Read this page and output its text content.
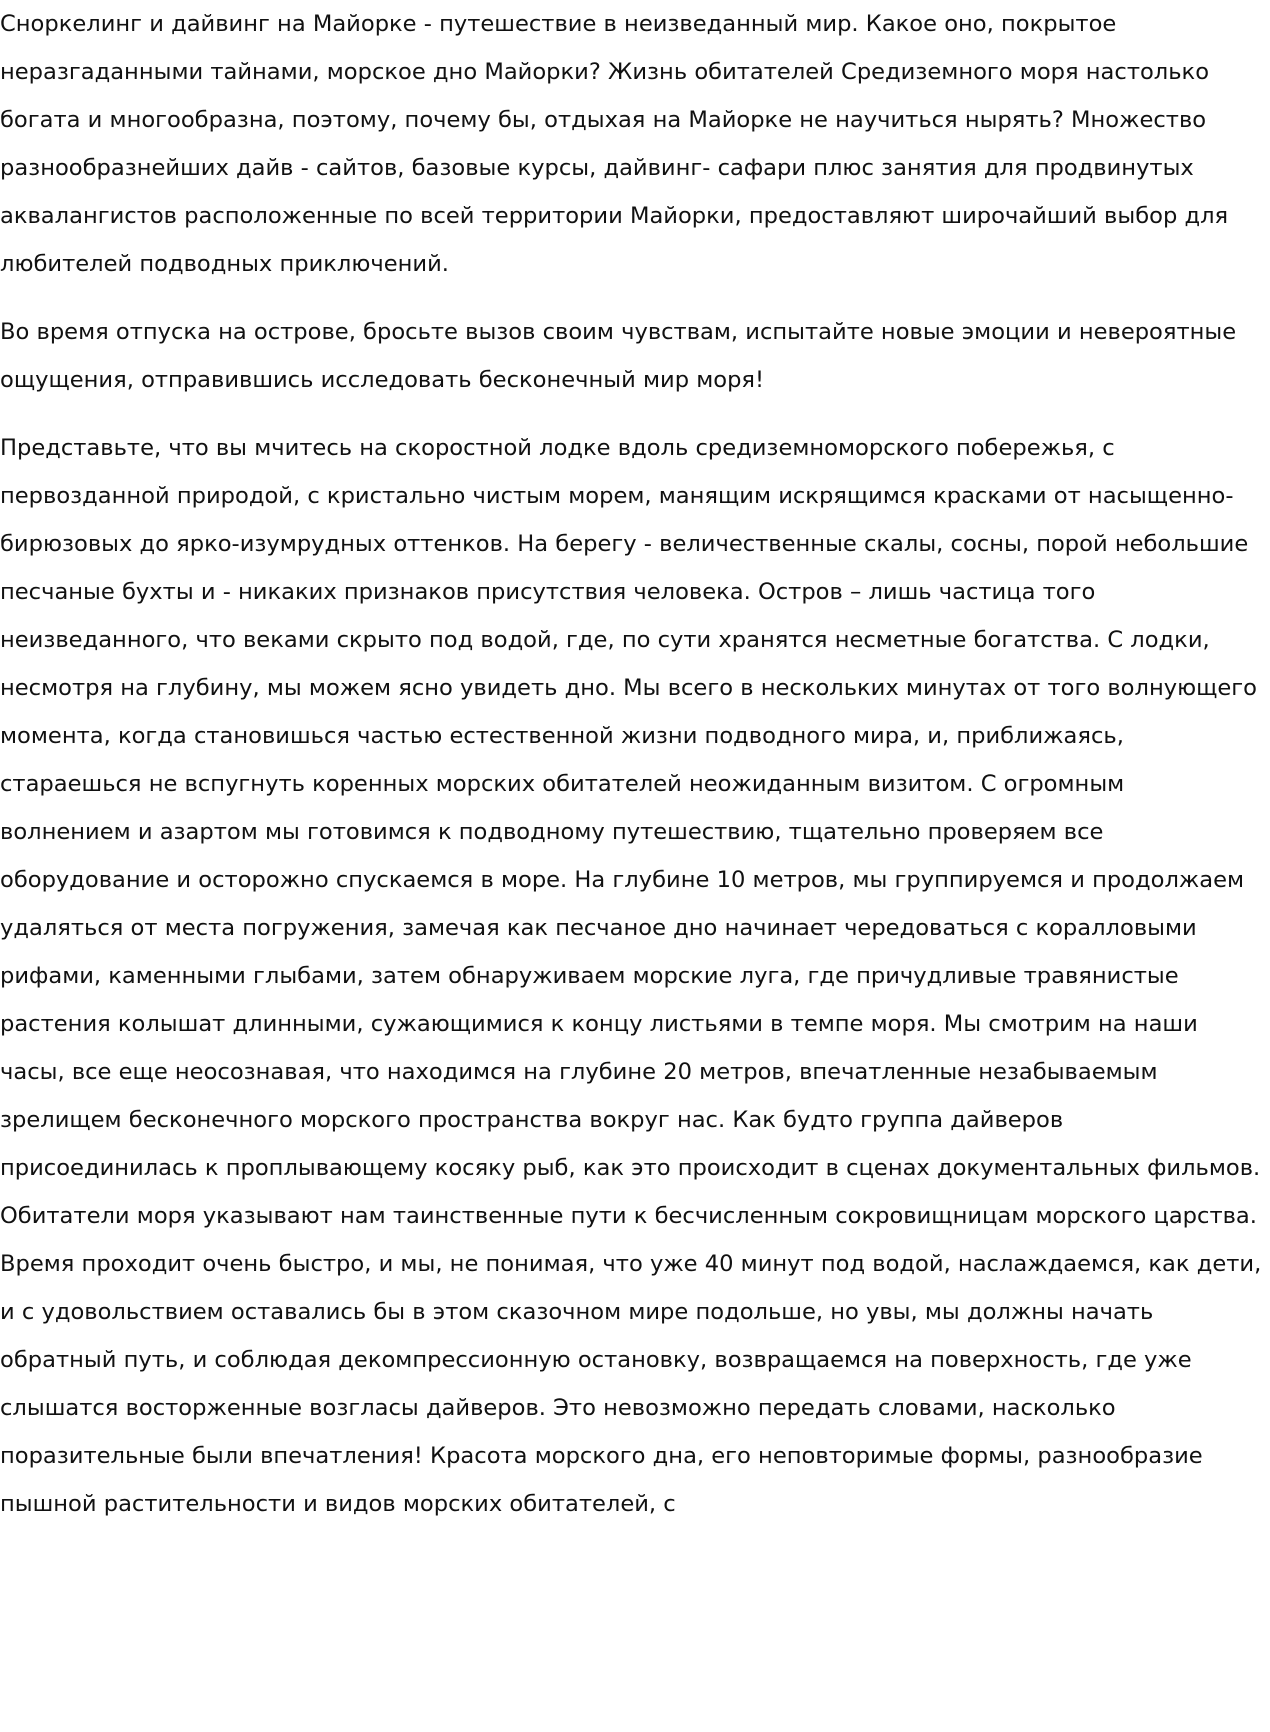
Сноркелинг и дайвинг на Майорке - путешествие в неизведанный мир. Какое оно, покрытое неразгаданными тайнами, морское дно Майорки? Жизнь обитателей Средиземного моря настолько богата и многообразна, поэтому, почему бы, отдыхая на Майорке не научиться нырять? Множество разнообразнейших дайв - сайтов, базовые курсы, дайвинг- сафари плюс занятия для продвинутых аквалангистов расположенные по всей территории Майорки, предоставляют широчайший выбор для любителей подводных приключений.

Во время отпуска на острове, бросьте вызов своим чувствам, испытайте новые эмоции и невероятные ощущения, отправившись исследовать бесконечный мир моря!

Представьте, что вы мчитесь на скоростной лодке вдоль средиземноморского побережья, с первозданной природой, с кристально чистым морем, манящим искрящимся красками от насыщенно-бирюзовых до ярко-изумрудных оттенков. На берегу - величественные скалы, сосны, порой небольшие песчаные бухты и - никаких признаков присутствия человека. Остров – лишь частица того неизведанного, что веками скрыто под водой, где, по сути хранятся несметные богатства. С лодки, несмотря на глубину, мы можем ясно увидеть дно. Мы всего в нескольких минутах от того волнующего момента, когда становишься частью естественной жизни подводного мира, и, приближаясь, стараешься не вспугнуть коренных морских обитателей неожиданным визитом. С огромным волнением и азартом мы готовимся к подводному путешествию, тщательно проверяем все оборудование и осторожно спускаемся в море. На глубине 10 метров, мы группируемся и продолжаем удаляться от места погружения, замечая как песчаное дно начинает чередоваться с коралловыми рифами, каменными глыбами, затем обнаруживаем морские луга, где причудливые травянистые растения колышат длинными, сужающимися к концу листьями в темпе моря. Мы смотрим на наши часы, все еще неосознавая, что находимся на глубине 20 метров, впечатленные незабываемым зрелищем бесконечного морского пространства вокруг нас. Как будто группа дайверов присоединилась к проплывающему косяку рыб, как это происходит в сценах документальных фильмов. Обитатели моря указывают нам таинственные пути к бесчисленным сокровищницам морского царства. Время проходит очень быстро, и мы, не понимая, что уже 40 минут под водой, наслаждаемся, как дети, и с удовольствием оставались бы в этом сказочном мире подольше, но увы, мы должны начать обратный путь, и соблюдая декомпрессионную остановку, возвращаемся на поверхность, где уже слышатся восторженные возгласы дайверов. Это невозможно передать словами, насколько поразительные были впечатления! Красота морского дна, его неповторимые формы, разнообразие пышной растительности и видов морских обитателей, с
